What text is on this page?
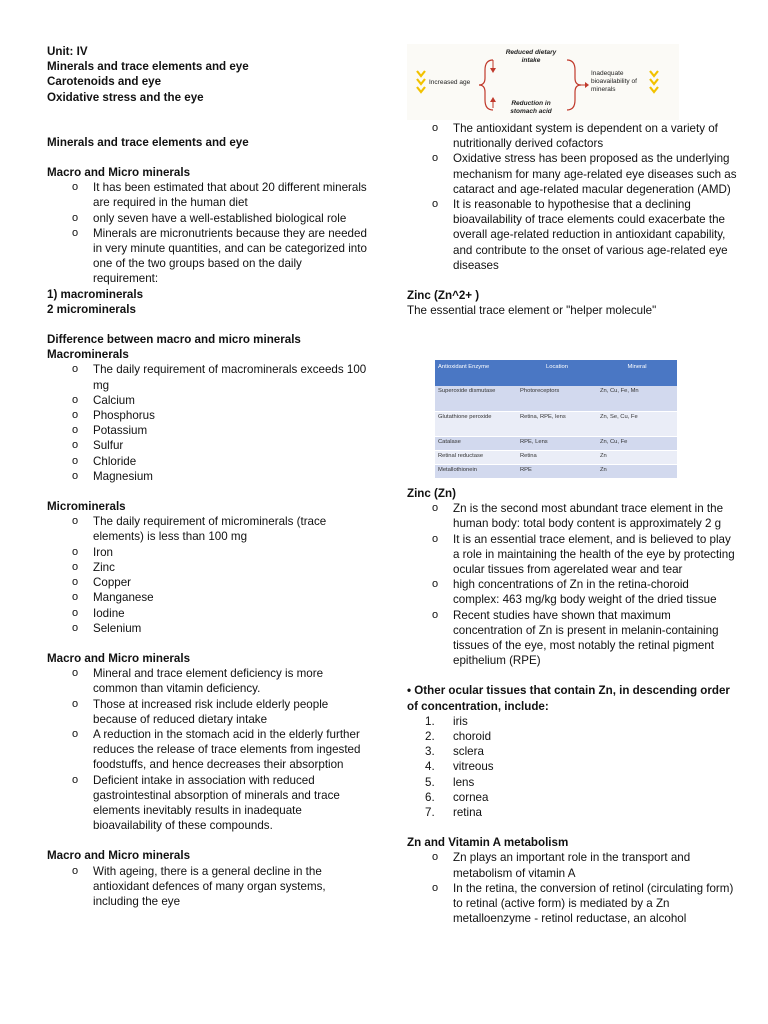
Unit: IV
Minerals and trace elements and eye
Carotenoids and eye
Oxidative stress and the eye
Minerals and trace elements and eye
Macro and Micro minerals
o It has been estimated that about 20 different minerals are required in the human diet
o only seven have a well-established biological role
o Minerals are micronutrients because they are needed in very minute quantities, and can be categorized into one of the two groups based on the daily
requirement:
1) macrominerals
2 microminerals
Difference between macro and micro minerals
Macrominerals
o The daily requirement of macrominerals exceeds 100 mg
o Calcium
o Phosphorus
o Potassium
o Sulfur
o Chloride
o Magnesium
Microminerals
o The daily requirement of microminerals (trace elements) is less than 100 mg
o Iron
o Zinc
o Copper
o Manganese
o Iodine
o Selenium
Macro and Micro minerals
o Mineral and trace element deficiency is more common than vitamin deficiency.
o Those at increased risk include elderly people because of reduced dietary intake
o A reduction in the stomach acid in the elderly further reduces the release of trace elements from ingested foodstuffs, and hence decreases their absorption
o Deficient intake in association with reduced gastrointestinal absorption of minerals and trace elements inevitably results in inadequate bioavailability of these compounds.
Macro and Micro minerals
o With ageing, there is a general decline in the antioxidant defences of many organ systems, including the eye
Increased age
Reduced dietary intake
Reduction in stomach acid
Inadequate bioavailability of minerals
o The antioxidant system is dependent on a variety of nutritionally derived cofactors
o Oxidative stress has been proposed as the underlying mechanism for many age-related eye diseases such as cataract and age-related macular degeneration (AMD)
o It is reasonable to hypothesise that a declining bioavailability of trace elements could exacerbate the overall age-related reduction in antioxidant capability, and contribute to the onset of various age-related eye diseases
Zinc (Zn^2+ )
The essential trace element or "helper molecule"
Antioxidant Enzyme	Location	Mineral
Superoxide dismutase	Photoreceptors	Zn, Cu, Fe, Mn
Glutathione peroxide	Retina, RPE, lens	Zn, Se, Cu, Fe
Catalase	RPE, Lens	Zn, Cu, Fe
Retinal reductase	Retina	Zn
Metallothionein	RPE	Zn
Zinc (Zn)
o Zn is the second most abundant trace element in the human body: total body content is approximately 2 g
o It is an essential trace element, and is believed to play a role in maintaining the health of the eye by protecting ocular tissues from agerelated wear and tear
o high concentrations of Zn in the retina-choroid complex: 463 mg/kg body weight of the dried tissue
o Recent studies have shown that maximum concentration of Zn is present in melanin-containing tissues of the eye, most notably the retinal pigment epithelium (RPE)
• Other ocular tissues that contain Zn, in descending order of concentration, include:
1. iris
2. choroid
3. sclera
4. vitreous
5. lens
6. cornea
7. retina
Zn and Vitamin A metabolism
o Zn plays an important role in the transport and metabolism of vitamin A
o In the retina, the conversion of retinol (circulating form) to retinal (active form) is mediated by a Zn metalloenzyme - retinol reductase, an alcohol
